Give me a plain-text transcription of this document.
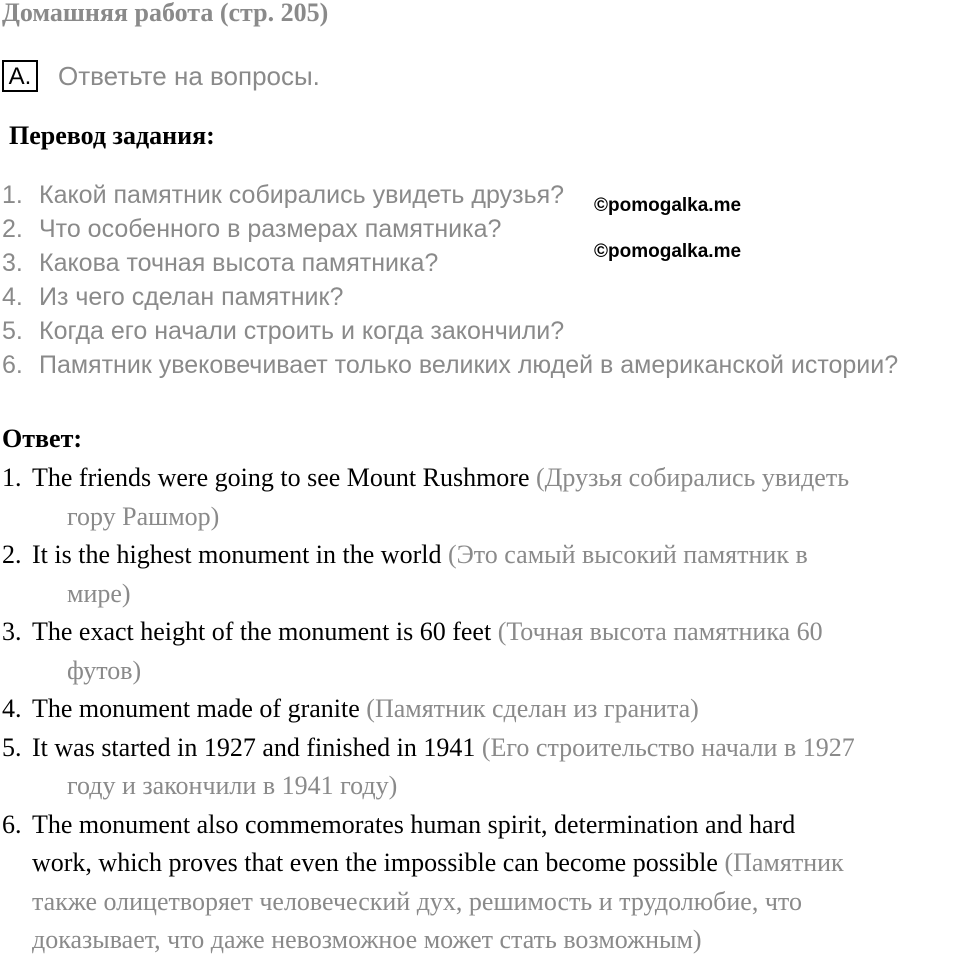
Домашняя работа (стр. 205)
A. Ответьте на вопросы.
Перевод задания:
1. Какой памятник собирались увидеть друзья?
2. Что особенного в размерах памятника?
3. Какова точная высота памятника?
4. Из чего сделан памятник?
5. Когда его начали строить и когда закончили?
6. Памятник увековечивает только великих людей в американской истории?
©pomogalka.me
©pomogalka.me
Ответ:
1. The friends were going to see Mount Rushmore (Друзья собирались увидеть
гору Рашмор)
2. It is the highest monument in the world (Это самый высокий памятник в
мире)
3. The exact height of the monument is 60 feet (Точная высота памятника 60
футов)
4. The monument made of granite (Памятник сделан из гранита)
5. It was started in 1927 and finished in 1941 (Его строительство начали в 1927
году и закончили в 1941 году)
6. The monument also commemorates human spirit, determination and hard
work, which proves that even the impossible can become possible (Памятник
также олицетворяет человеческий дух, решимость и трудолюбие, что
доказывает, что даже невозможное может стать возможным)
